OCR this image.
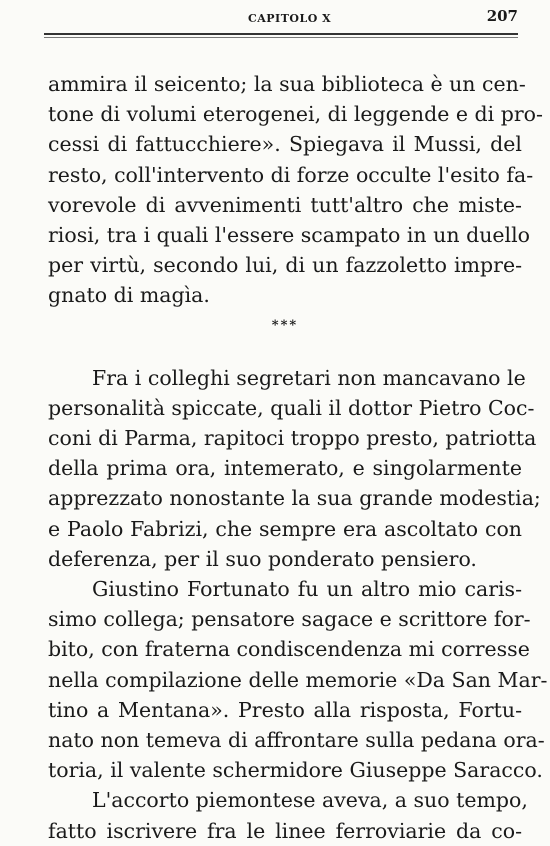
CAPITOLO X	207
ammira il seicento; la sua biblioteca è un cen-
tone di volumi eterogenei, di leggende e di pro-
cessi di fattucchiere». Spiegava il Mussi, del
resto, coll'intervento di forze occulte l'esito fa-
vorevole di avvenimenti tutt'altro che miste-
riosi, tra i quali l'essere scampato in un duello
per virtù, secondo lui, di un fazzoletto impre-
gnato di magìa.
***
Fra i colleghi segretari non mancavano le
personalità spiccate, quali il dottor Pietro Coc-
coni di Parma, rapitoci troppo presto, patriotta
della prima ora, intemerato, e singolarmente
apprezzato nonostante la sua grande modestia;
e Paolo Fabrizi, che sempre era ascoltato con
deferenza, per il suo ponderato pensiero.
Giustino Fortunato fu un altro mio caris-
simo collega; pensatore sagace e scrittore for-
bito, con fraterna condiscendenza mi corresse
nella compilazione delle memorie «Da San Mar-
tino a Mentana». Presto alla risposta, Fortu-
nato non temeva di affrontare sulla pedana ora-
toria, il valente schermidore Giuseppe Saracco.
L'accorto piemontese aveva, a suo tempo,
fatto iscrivere fra le linee ferroviarie da co-
